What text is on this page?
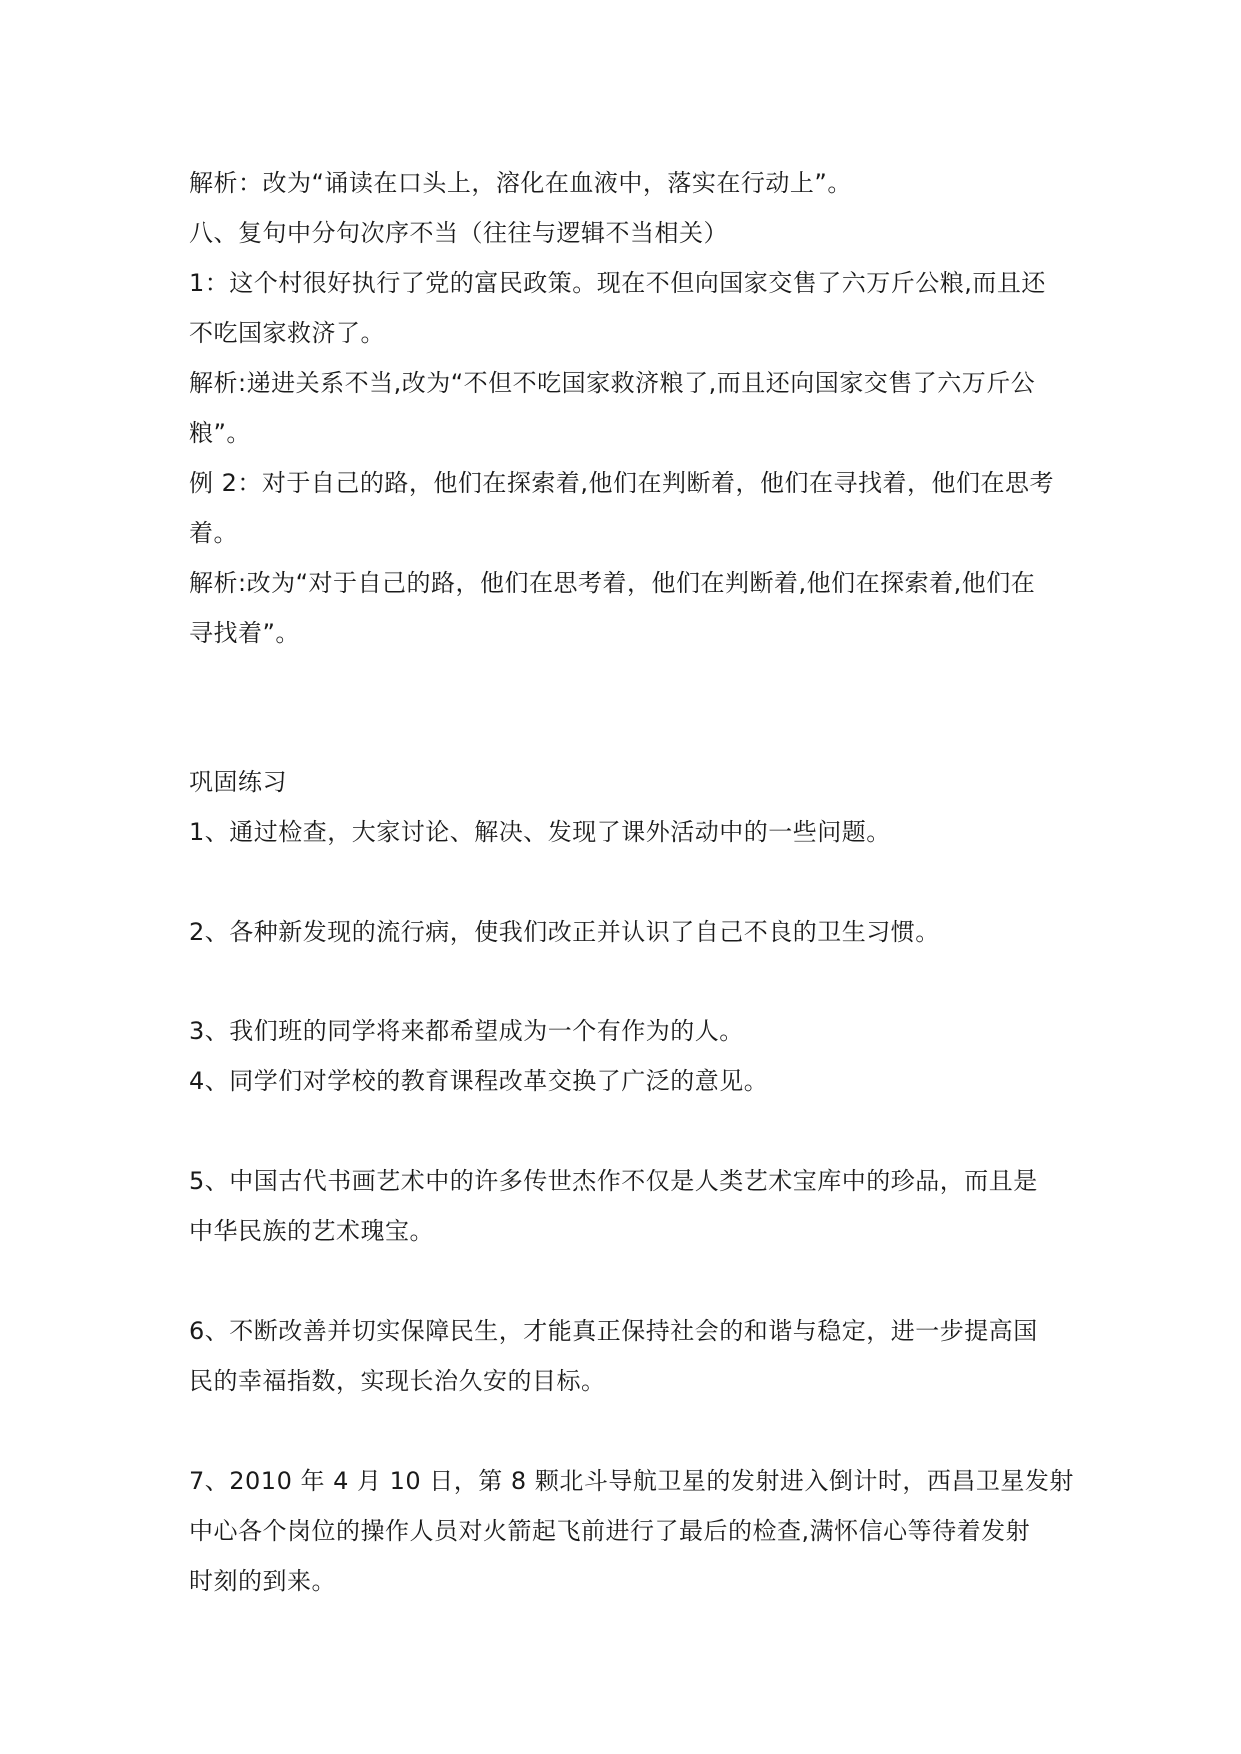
解析：改为“诵读在口头上，溶化在血液中，落实在行动上”。
八、复句中分句次序不当（往往与逻辑不当相关）
1：这个村很好执行了党的富民政策。现在不但向国家交售了六万斤公粮,而且还
不吃国家救济了。
解析:递进关系不当,改为“不但不吃国家救济粮了,而且还向国家交售了六万斤公
粮”。
例 2：对于自己的路，他们在探索着,他们在判断着，他们在寻找着，他们在思考
着。
解析:改为“对于自己的路，他们在思考着，他们在判断着,他们在探索着,他们在
寻找着”。
巩固练习
1、通过检查，大家讨论、解决、发现了课外活动中的一些问题。
2、各种新发现的流行病，使我们改正并认识了自己不良的卫生习惯。
3、我们班的同学将来都希望成为一个有作为的人。
4、同学们对学校的教育课程改革交换了广泛的意见。
5、中国古代书画艺术中的许多传世杰作不仅是人类艺术宝库中的珍品，而且是
中华民族的艺术瑰宝。
6、不断改善并切实保障民生，才能真正保持社会的和谐与稳定，进一步提高国
民的幸福指数，实现长治久安的目标。
7、2010 年 4 月 10 日，第 8 颗北斗导航卫星的发射进入倒计时，西昌卫星发射
中心各个岗位的操作人员对火箭起飞前进行了最后的检查,满怀信心等待着发射
时刻的到来。
